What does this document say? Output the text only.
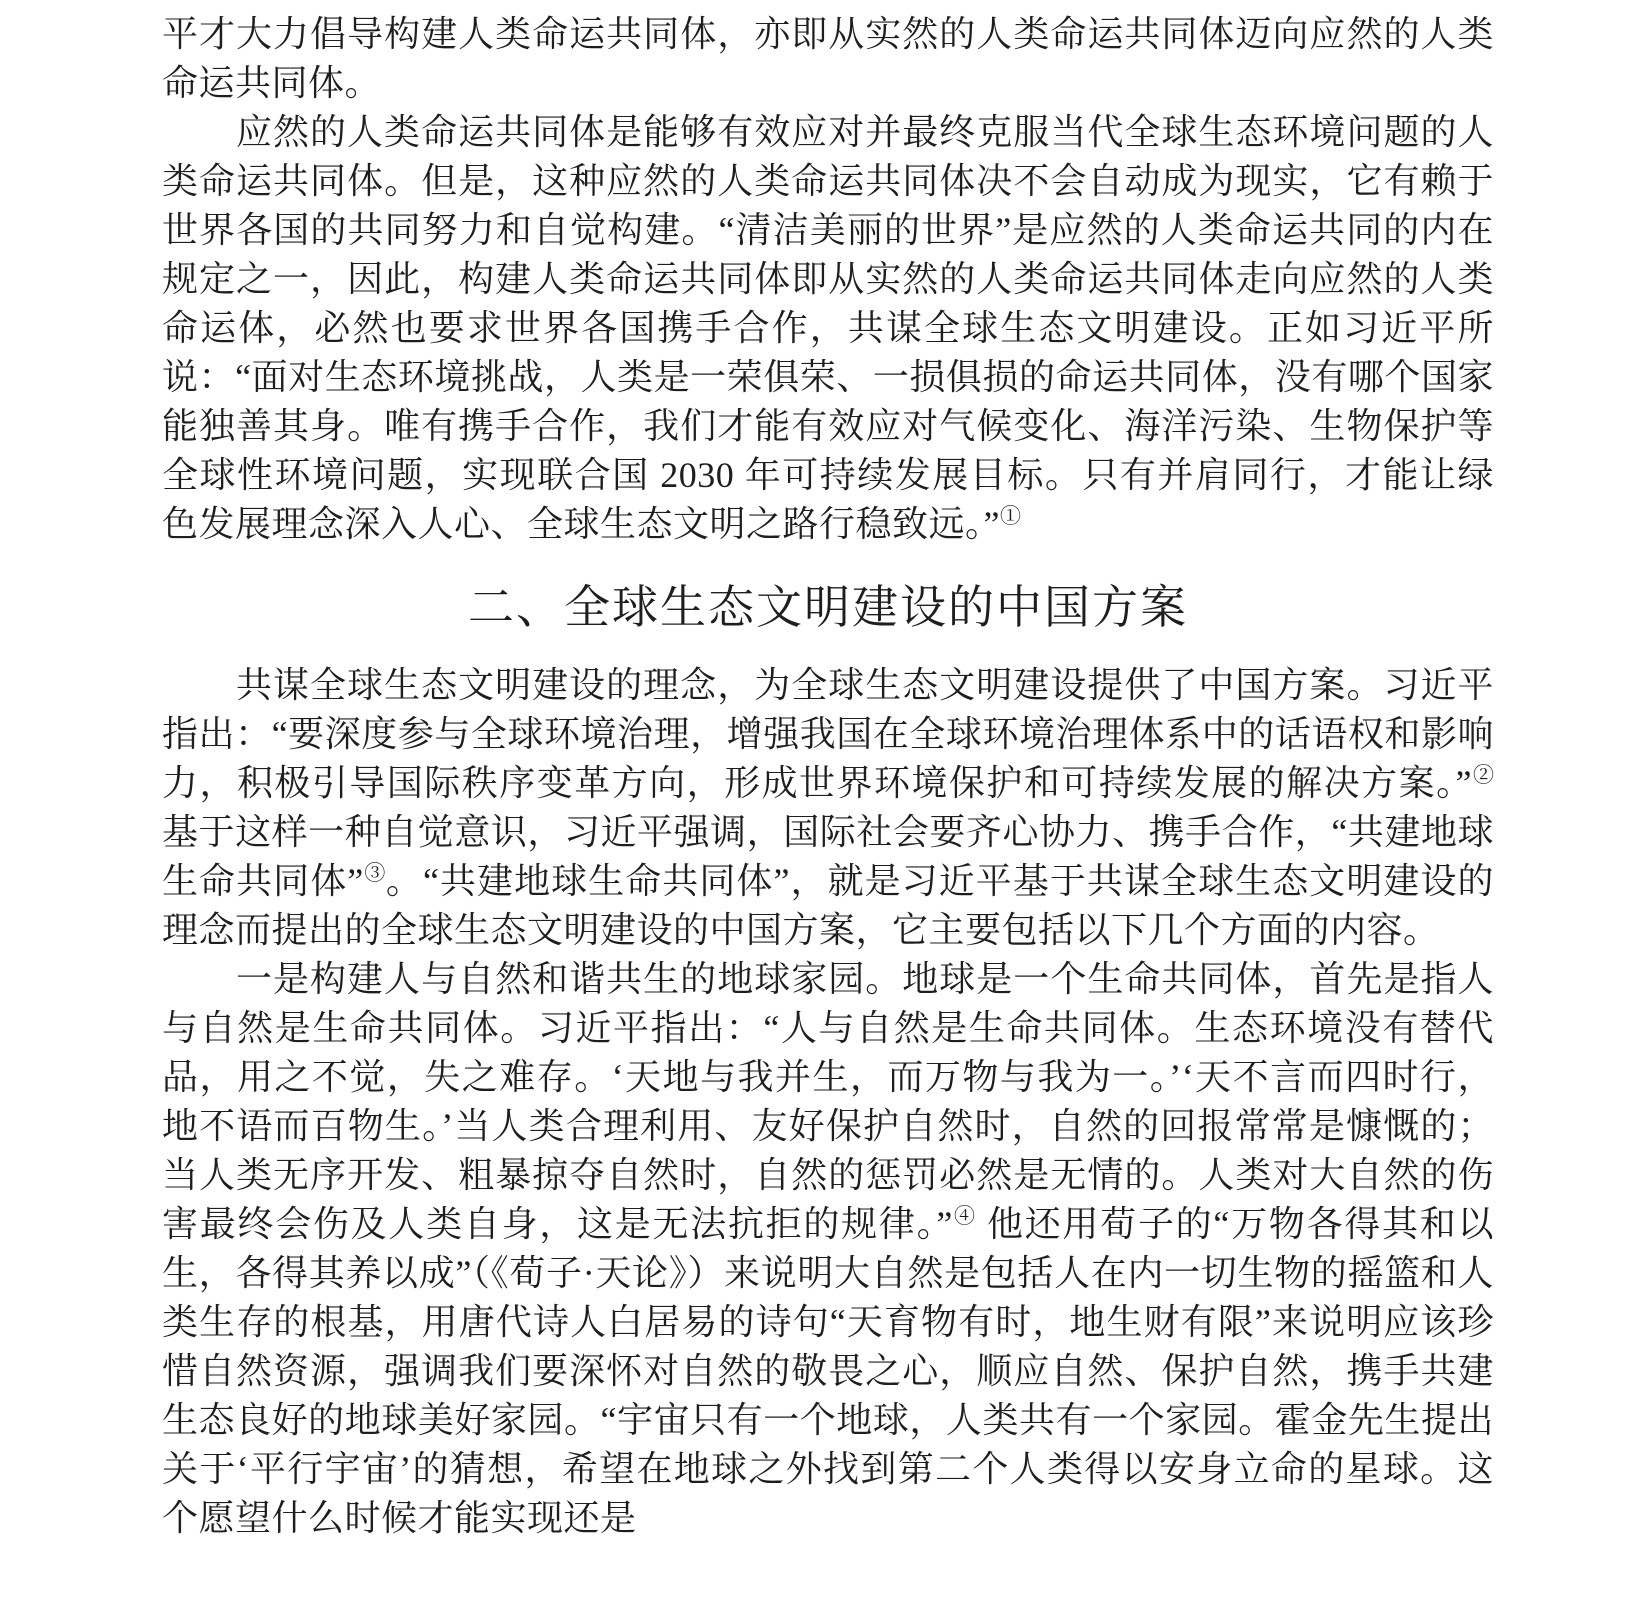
平才大力倡导构建人类命运共同体，亦即从实然的人类命运共同体迈向应然的人类命运共同体。

应然的人类命运共同体是能够有效应对并最终克服当代全球生态环境问题的人类命运共同体。但是，这种应然的人类命运共同体决不会自动成为现实，它有赖于世界各国的共同努力和自觉构建。“清洁美丽的世界”是应然的人类命运共同的内在规定之一，因此，构建人类命运共同体即从实然的人类命运共同体走向应然的人类命运体，必然也要求世界各国携手合作，共谋全球生态文明建设。正如习近平所说：“面对生态环境挑战，人类是一荣俱荣、一损俱损的命运共同体，没有哪个国家能独善其身。唯有携手合作，我们才能有效应对气候变化、海洋污染、生物保护等全球性环境问题，实现联合国 2030 年可持续发展目标。只有并肩同行，才能让绿色发展理念深入人心、全球生态文明之路行稳致远。”①

二、全球生态文明建设的中国方案

共谋全球生态文明建设的理念，为全球生态文明建设提供了中国方案。习近平指出：“要深度参与全球环境治理，增强我国在全球环境治理体系中的话语权和影响力，积极引导国际秩序变革方向，形成世界环境保护和可持续发展的解决方案。”② 基于这样一种自觉意识，习近平强调，国际社会要齐心协力、携手合作，“共建地球生命共同体”③。“共建地球生命共同体”，就是习近平基于共谋全球生态文明建设的理念而提出的全球生态文明建设的中国方案，它主要包括以下几个方面的内容。

一是构建人与自然和谐共生的地球家园。地球是一个生命共同体，首先是指人与自然是生命共同体。习近平指出：“人与自然是生命共同体。生态环境没有替代品，用之不觉，失之难存。‘天地与我并生，而万物与我为一。’‘天不言而四时行，地不语而百物生。’当人类合理利用、友好保护自然时，自然的回报常常是慷慨的；当人类无序开发、粗暴掠夺自然时，自然的惩罚必然是无情的。人类对大自然的伤害最终会伤及人类自身，这是无法抗拒的规律。”④ 他还用荀子的“万物各得其和以生，各得其养以成”（《荀子·天论》）来说明大自然是包括人在内一切生物的摇篮和人类生存的根基，用唐代诗人白居易的诗句“天育物有时，地生财有限”来说明应该珍惜自然资源，强调我们要深怀对自然的敬畏之心，顺应自然、保护自然，携手共建生态良好的地球美好家园。“宇宙只有一个地球，人类共有一个家园。霍金先生提出关于‘平行宇宙’的猜想，希望在地球之外找到第二个人类得以安身立命的星球。这个愿望什么时候才能实现还是
